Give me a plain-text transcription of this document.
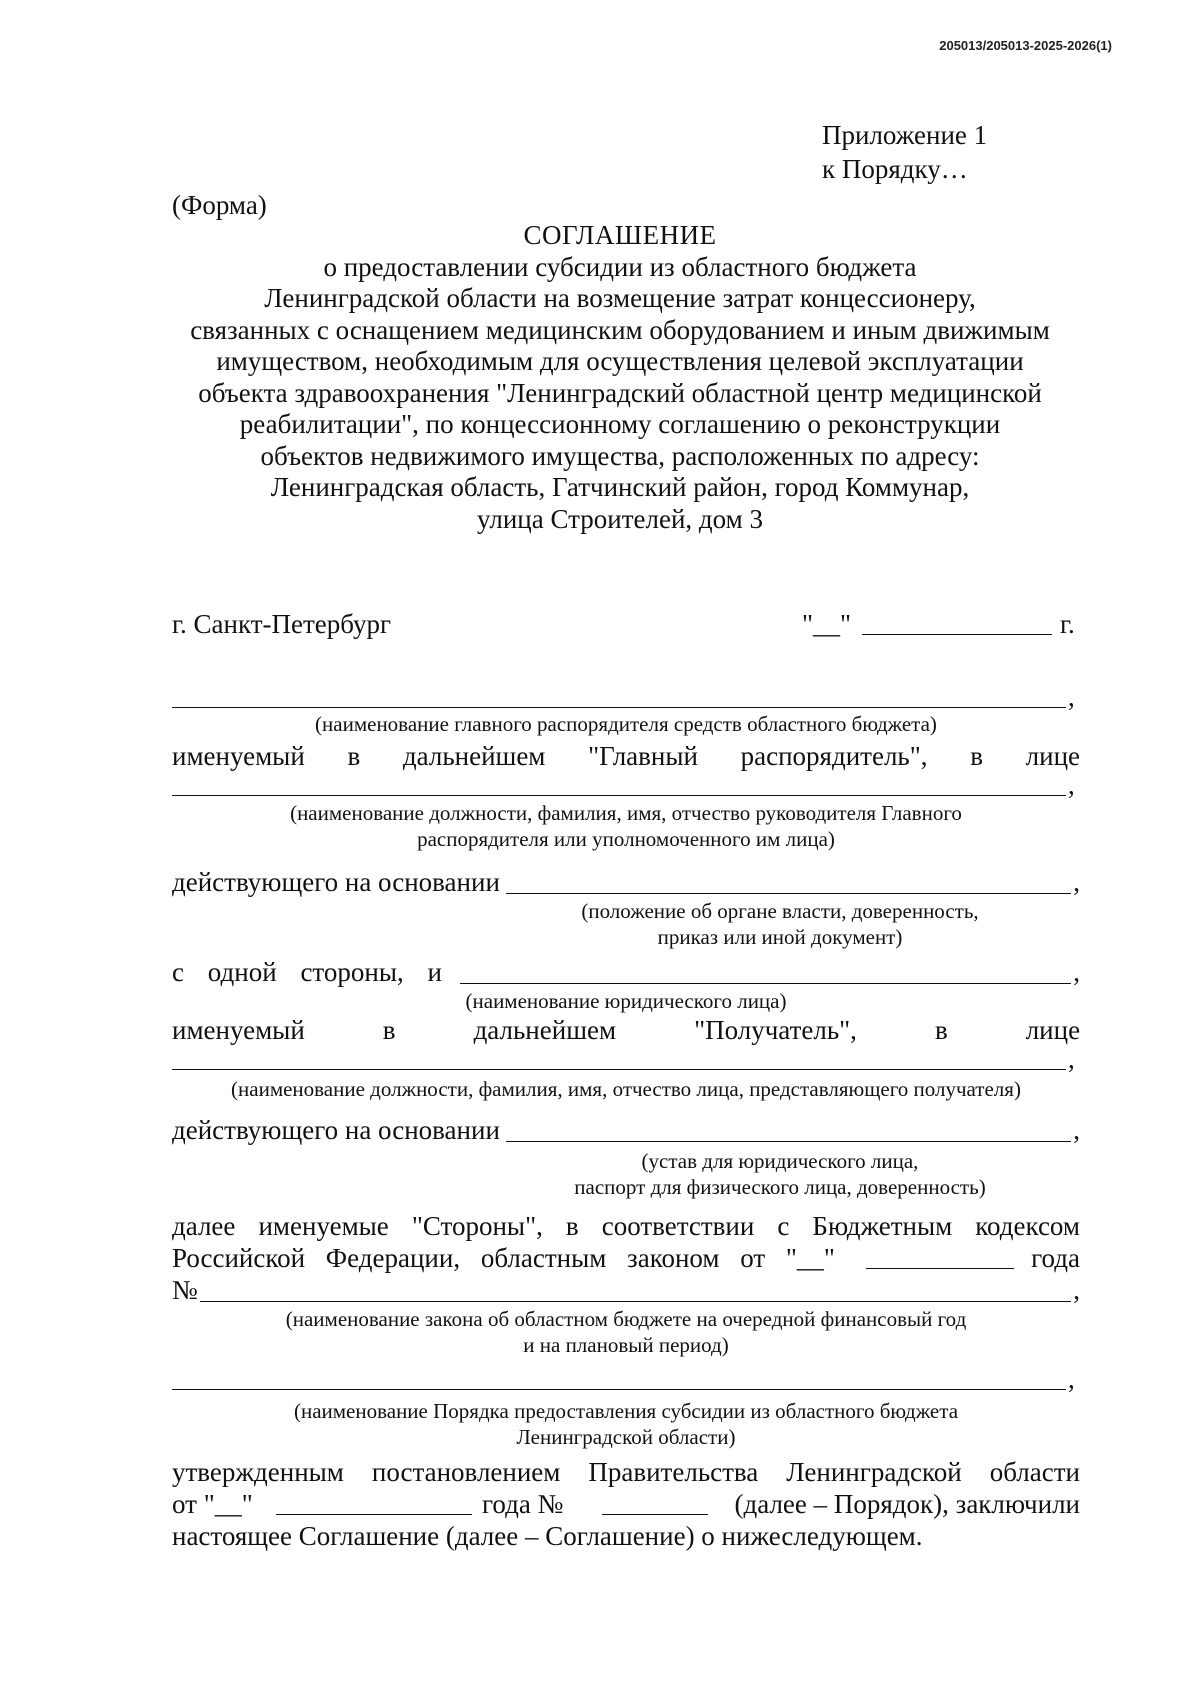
205013/205013-2025-2026(1)
Приложение 1
к Порядку…
(Форма)
СОГЛАШЕНИЕ
о предоставлении субсидии из областного бюджета
Ленинградской области на возмещение затрат концессионеру,
связанных с оснащением медицинским оборудованием и иным движимым
имуществом, необходимым для осуществления целевой эксплуатации
объекта здравоохранения "Ленинградский областной центр медицинской
реабилитации", по концессионному соглашению о реконструкции
объектов недвижимого имущества, расположенных по адресу:
Ленинградская область, Гатчинский район, город Коммунар,
улица Строителей, дом 3
г. Санкт-Петербург	"__"	г.
,
(наименование главного распорядителя средств областного бюджета)
именуемый в дальнейшем "Главный распорядитель", в лице
,
(наименование должности, фамилия, имя, отчество руководителя Главного
распорядителя или уполномоченного им лица)
действующего на основании	,
(положение об органе власти, доверенность,
приказ или иной документ)
с одной стороны, и	,
(наименование юридического лица)
именуемый	в	дальнейшем	"Получатель",	в	лице
,
(наименование должности, фамилия, имя, отчество лица, представляющего получателя)
действующего на основании	,
(устав для юридического лица,
паспорт для физического лица, доверенность)
далее именуемые "Стороны", в соответствии с Бюджетным кодексом
Российской Федерации, областным законом от "__"	года
№	,
(наименование закона об областном бюджете на очередной финансовый год
и на плановый период)
,
(наименование Порядка предоставления субсидии из областного бюджета
Ленинградской области)
утвержденным постановлением Правительства Ленинградской области
от "__"	года №	(далее – Порядок), заключили
настоящее Соглашение (далее – Соглашение) о нижеследующем.
